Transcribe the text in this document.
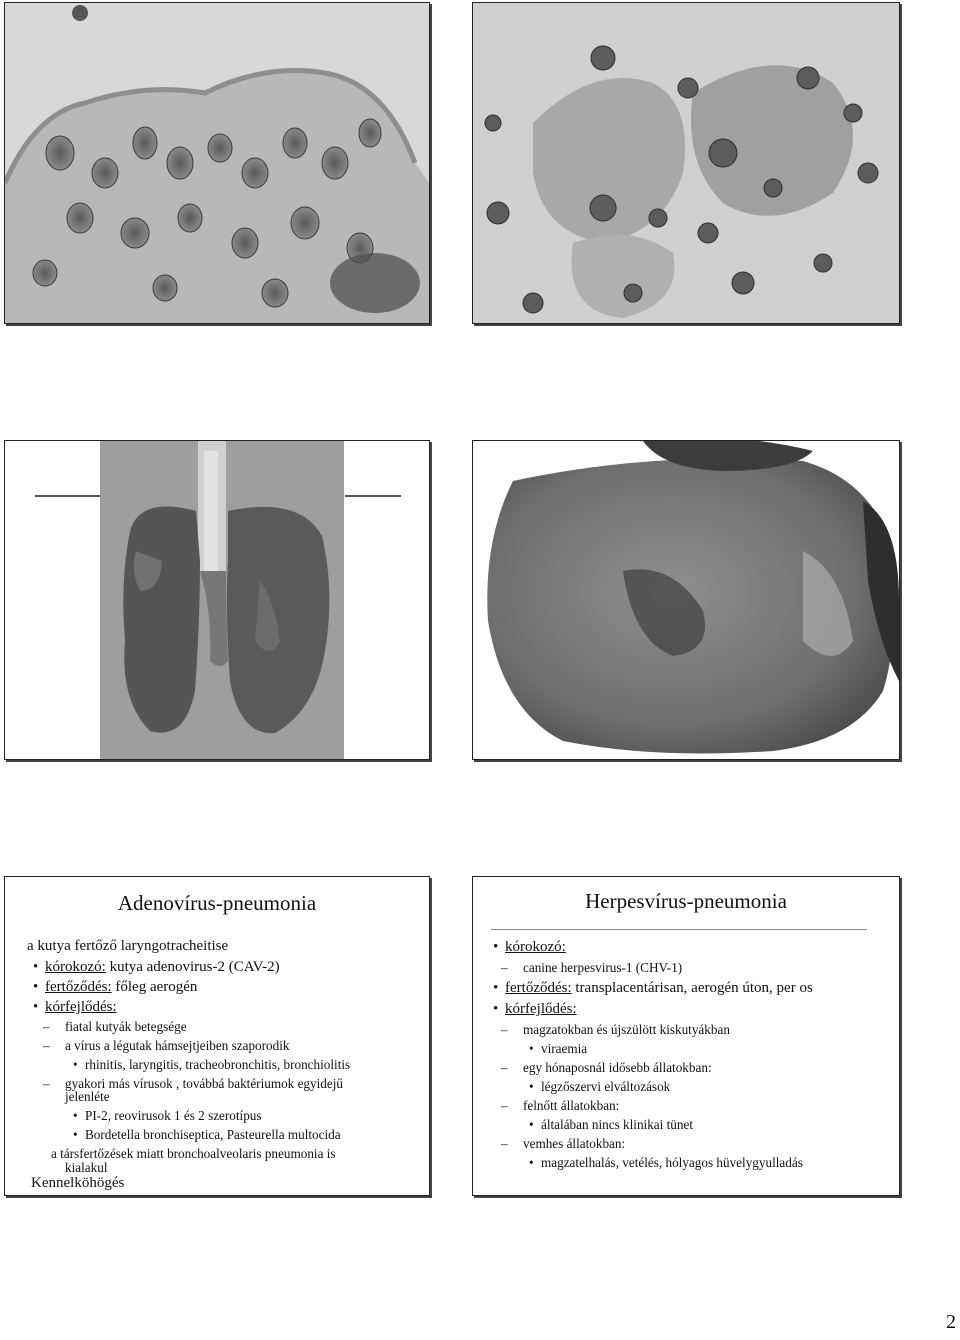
Adenovírus-pneumonia
a kutya fertőző laryngotracheitise
• kórokozó: kutya adenovirus-2 (CAV-2)
• fertőződés: főleg aerogén
• kórfejlődés:
– fiatal kutyák betegsége
– a vírus a légutak hámsejtjeiben szaporodik
• rhinitis, laryngitis, tracheobronchitis, bronchiolitis
– gyakori más vírusok , továbbá baktériumok egyidejű
jelenléte
• PI-2, reovirusok 1 és 2 szerotípus
• Bordetella bronchiseptica, Pasteurella multocida
a társfertőzések miatt bronchoalveolaris pneumonia is
kialakul
Kennelköhögés
Herpesvírus-pneumonia
• kórokozó:
– canine herpesvirus-1 (CHV-1)
• fertőződés: transplacentárisan, aerogén úton, per os
• kórfejlődés:
– magzatokban és újszülött kiskutyákban
• viraemia
– egy hónaposnál idősebb állatokban:
• légzőszervi elváltozások
– felnőtt állatokban:
• általában nincs klinikai tünet
– vemhes állatokban:
• magzatelhalás, vetélés, hólyagos hüvelygyulladás
2
